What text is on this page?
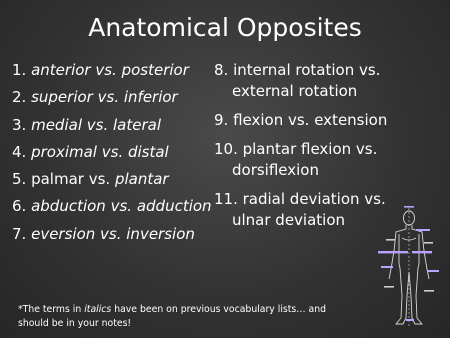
Anatomical Opposites

1. anterior vs. posterior

2. superior vs. inferior

3. medial vs. lateral

4. proximal vs. distal

5. palmar vs. plantar

6. abduction vs. adduction

7. eversion vs. inversion

8. internal rotation vs. external rotation

9. flexion vs. extension

10. plantar flexion vs. dorsiflexion

11. radial deviation vs. ulnar deviation

*The terms in italics have been on previous vocabulary lists… and should be in your notes!
